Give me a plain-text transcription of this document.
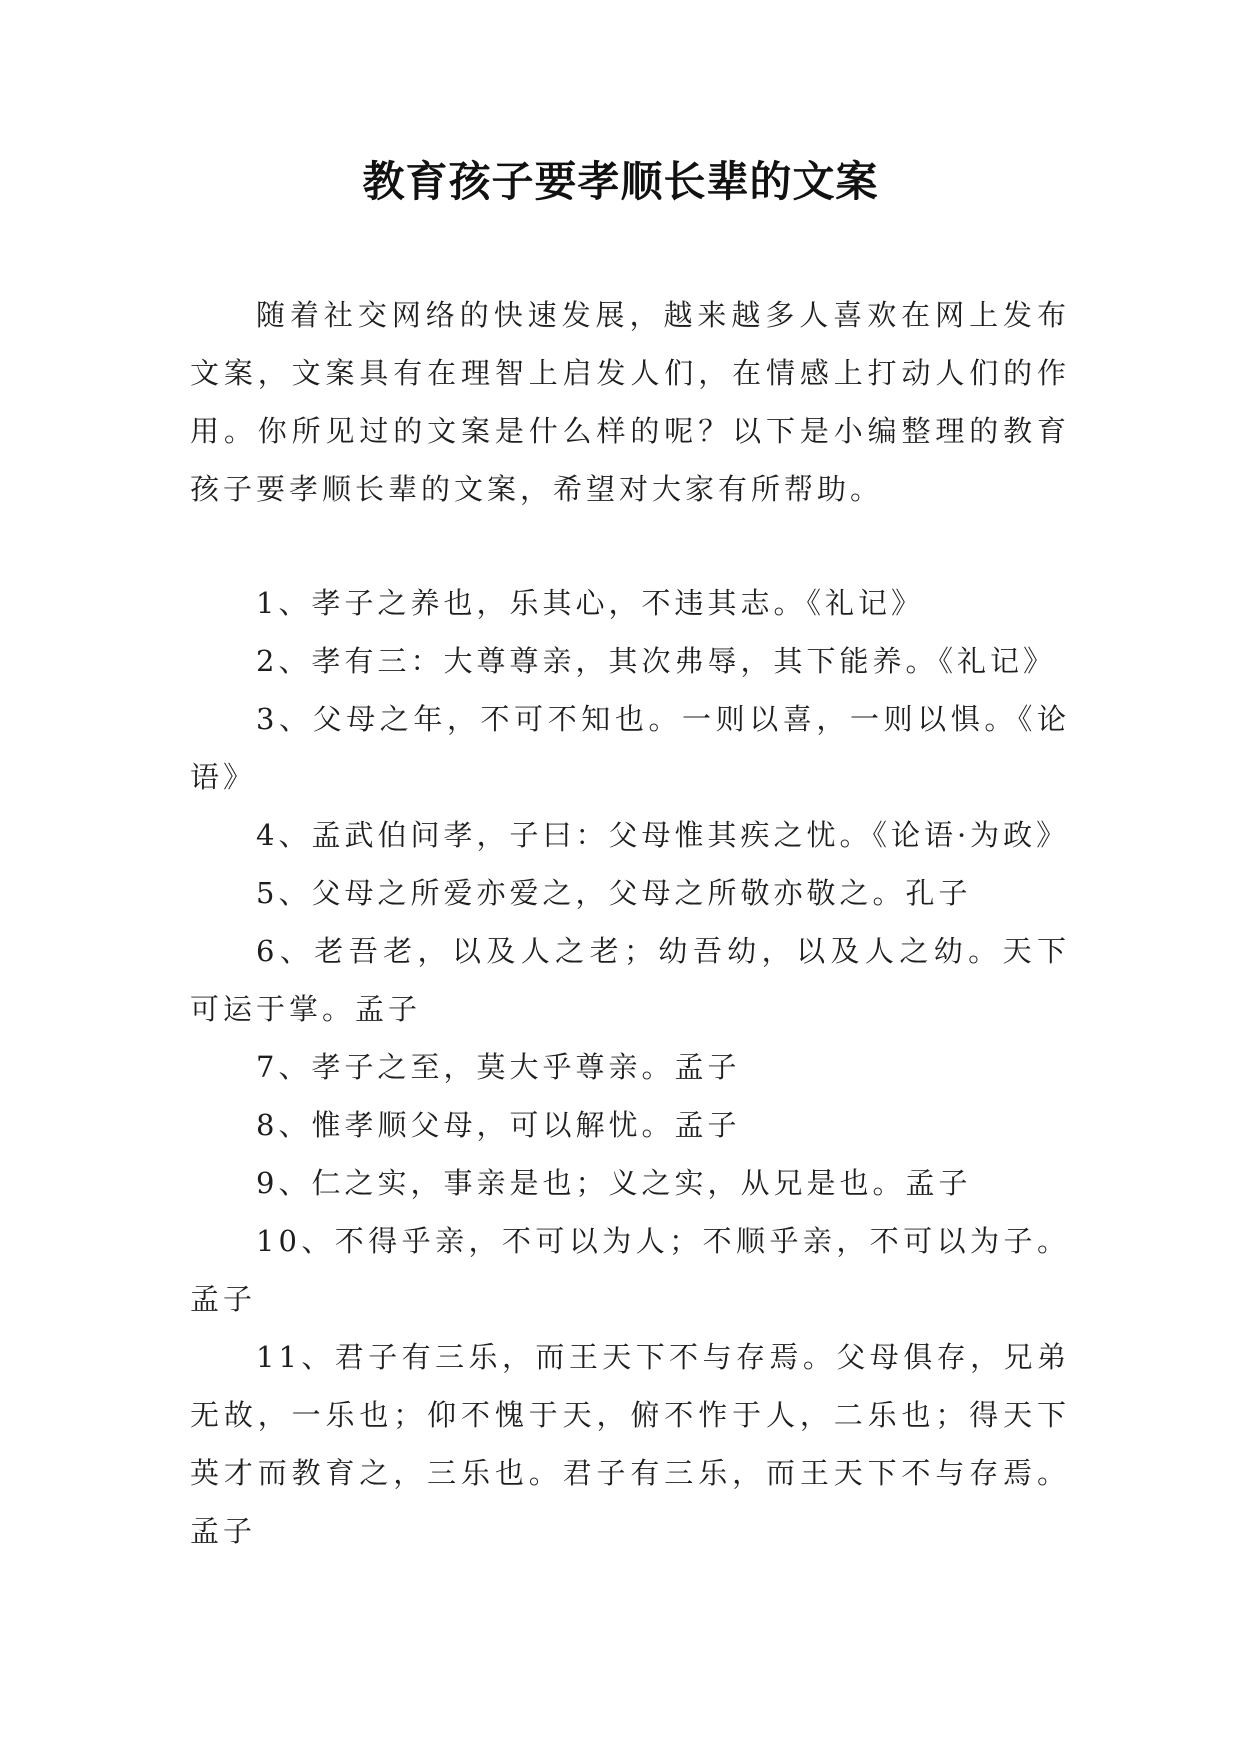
教育孩子要孝顺长辈的文案

随着社交网络的快速发展，越来越多人喜欢在网上发布文案，文案具有在理智上启发人们，在情感上打动人们的作用。你所见过的文案是什么样的呢？以下是小编整理的教育孩子要孝顺长辈的文案，希望对大家有所帮助。

1、孝子之养也，乐其心，不违其志。《礼记》

2、孝有三：大尊尊亲，其次弗辱，其下能养。《礼记》

3、父母之年，不可不知也。一则以喜，一则以惧。《论语》

4、孟武伯问孝，子曰：父母惟其疾之忧。《论语·为政》

5、父母之所爱亦爱之，父母之所敬亦敬之。孔子

6、老吾老，以及人之老；幼吾幼，以及人之幼。天下可运于掌。孟子

7、孝子之至，莫大乎尊亲。孟子

8、惟孝顺父母，可以解忧。孟子

9、仁之实，事亲是也；义之实，从兄是也。孟子

10、不得乎亲，不可以为人；不顺乎亲，不可以为子。孟子

11、君子有三乐，而王天下不与存焉。父母俱存，兄弟无故，一乐也；仰不愧于天，俯不怍于人，二乐也；得天下英才而教育之，三乐也。君子有三乐，而王天下不与存焉。孟子
